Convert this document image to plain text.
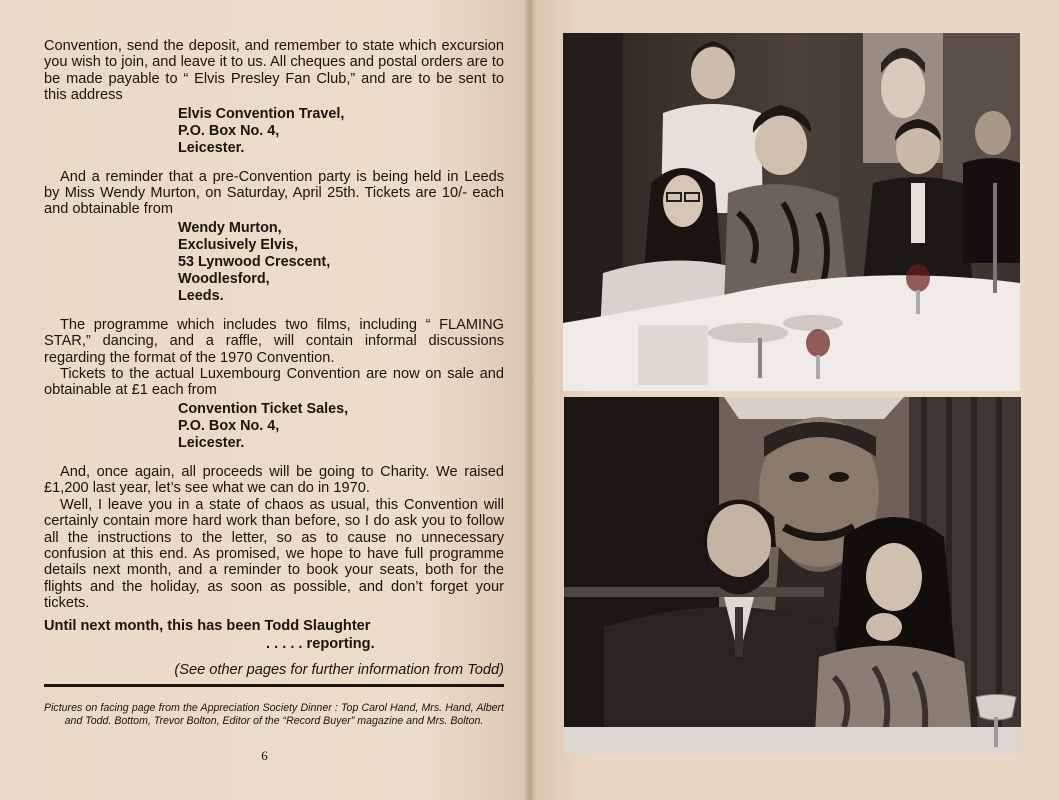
Convention, send the deposit, and remember to state which excursion you wish to join, and leave it to us. All cheques and postal orders are to be made payable to “ Elvis Presley Fan Club,” and are to be sent to this address

Elvis Convention Travel,
P.O. Box No. 4,
Leicester.

And a reminder that a pre-Convention party is being held in Leeds by Miss Wendy Murton, on Saturday, April 25th. Tickets are 10/- each and obtainable from

Wendy Murton,
Exclusively Elvis,
53 Lynwood Crescent,
Woodlesford,
Leeds.

The programme which includes two films, including “ FLAMING STAR,” dancing, and a raffle, will contain informal discussions regarding the format of the 1970 Convention.

Tickets to the actual Luxembourg Convention are now on sale and obtainable at £1 each from

Convention Ticket Sales,
P.O. Box No. 4,
Leicester.

And, once again, all proceeds will be going to Charity. We raised £1,200 last year, let’s see what we can do in 1970.

Well, I leave you in a state of chaos as usual, this Convention will certainly contain more hard work than before, so I do ask you to follow all the instructions to the letter, so as to cause no unnecessary confusion at this end. As promised, we hope to have full programme details next month, and a reminder to book your seats, both for the flights and the holiday, as soon as possible, and don’t forget your tickets.

Until next month, this has been Todd Slaughter
. . . . . reporting.

(See other pages for further information from Todd)

Pictures on facing page from the Appreciation Society Dinner : Top Carol Hand, Mrs. Hand, Albert and Todd. Bottom, Trevor Bolton, Editor of the “Record Buyer” magazine and Mrs. Bolton.
6
